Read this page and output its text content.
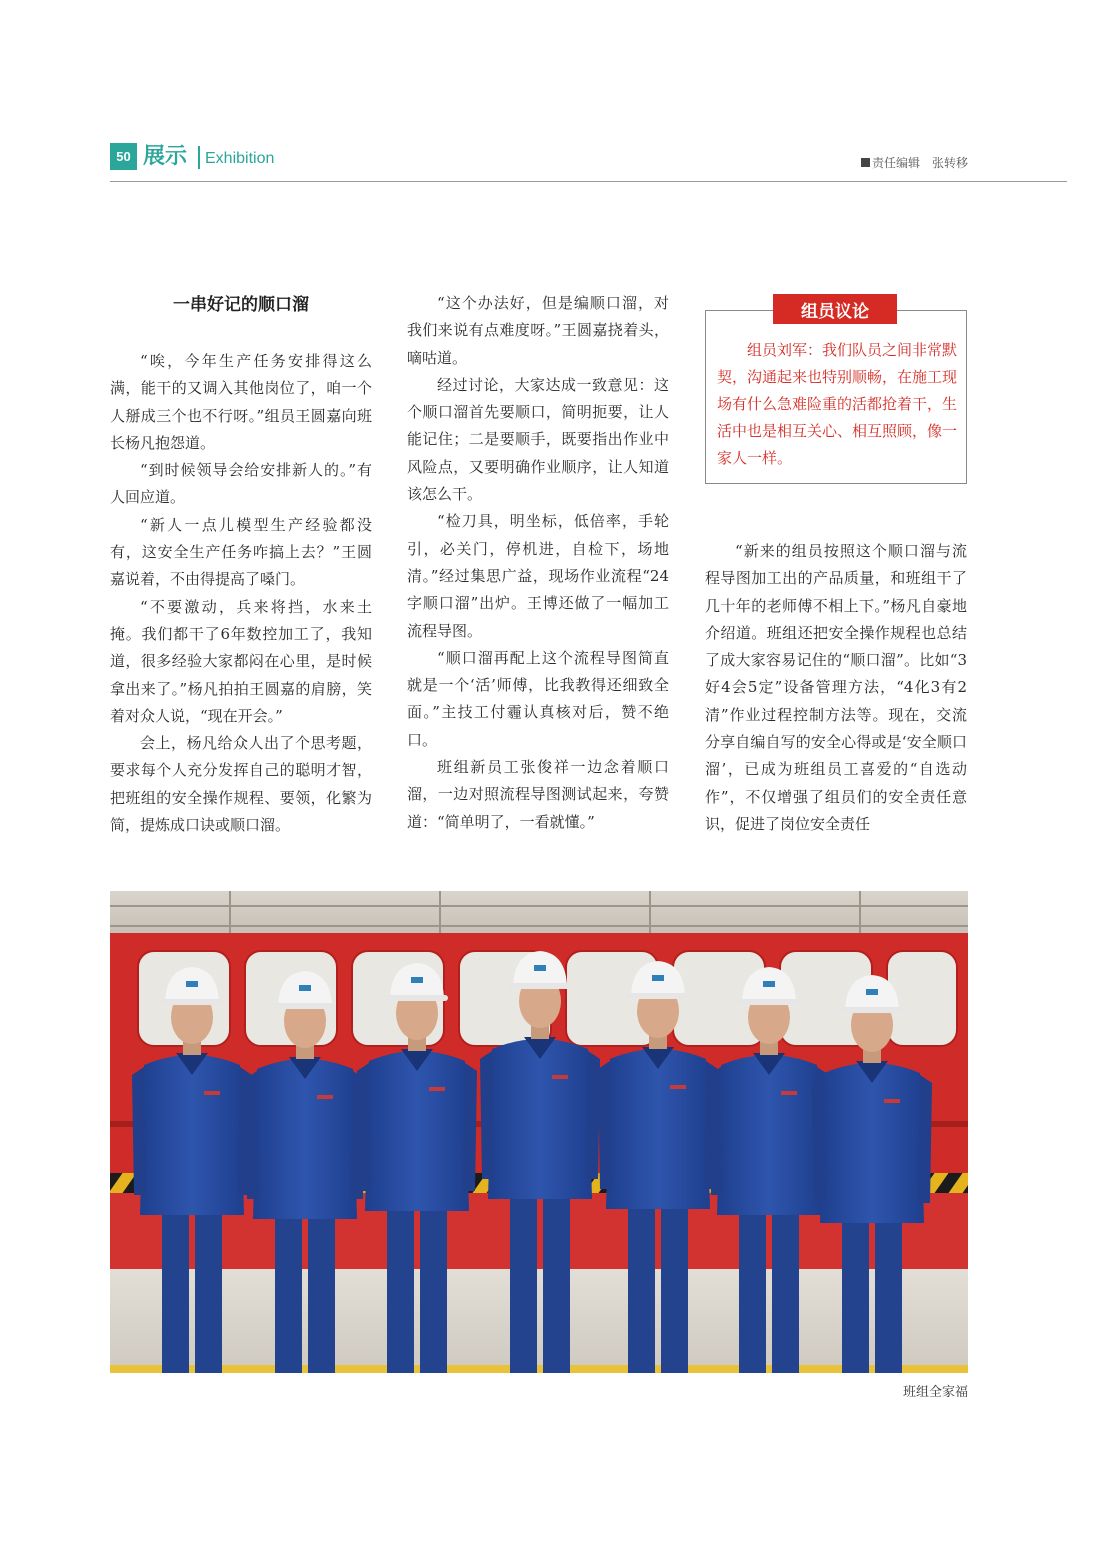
50 展示 Exhibition	责任编辑 张转移
一串好记的顺口溜

“唉，今年生产任务安排得这么满，能干的又调入其他岗位了，咱一个人掰成三个也不行呀。”组员王圆嘉向班长杨凡抱怨道。

“到时候领导会给安排新人的。”有人回应道。

“新人一点儿模型生产经验都没有，这安全生产任务咋搞上去？”王圆嘉说着，不由得提高了嗓门。

“不要激动，兵来将挡，水来土掩。我们都干了6年数控加工了，我知道，很多经验大家都闷在心里，是时候拿出来了。”杨凡拍拍王圆嘉的肩膀，笑着对众人说，“现在开会。”

会上，杨凡给众人出了个思考题，要求每个人充分发挥自己的聪明才智，把班组的安全操作规程、要领，化繁为简，提炼成口诀或顺口溜。

“这个办法好，但是编顺口溜，对我们来说有点难度呀。”王圆嘉挠着头，嘀咕道。

经过讨论，大家达成一致意见：这个顺口溜首先要顺口，简明扼要，让人能记住；二是要顺手，既要指出作业中风险点，又要明确作业顺序，让人知道该怎么干。

“检刀具，明坐标，低倍率，手轮引，必关门，停机进，自检下，场地清。”经过集思广益，现场作业流程“24字顺口溜”出炉。王博还做了一幅加工流程导图。

“顺口溜再配上这个流程导图简直就是一个‘活’师傅，比我教得还细致全面。”主技工付霾认真核对后，赞不绝口。

班组新员工张俊祥一边念着顺口溜，一边对照流程导图测试起来，夸赞道：“简单明了，一看就懂。”

组员议论

组员刘军：我们队员之间非常默契，沟通起来也特别顺畅，在施工现场有什么急难险重的活都抢着干，生活中也是相互关心、相互照顾，像一家人一样。

“新来的组员按照这个顺口溜与流程导图加工出的产品质量，和班组干了几十年的老师傅不相上下。”杨凡自豪地介绍道。班组还把安全操作规程也总结了成大家容易记住的“顺口溜”。比如“3好4会5定”设备管理方法，“4化3有2清”作业过程控制方法等。现在，交流分享自编自写的安全心得或是‘安全顺口溜’，已成为班组员工喜爱的“自选动作”，不仅增强了组员们的安全责任意识，促进了岗位安全责任

班组全家福
